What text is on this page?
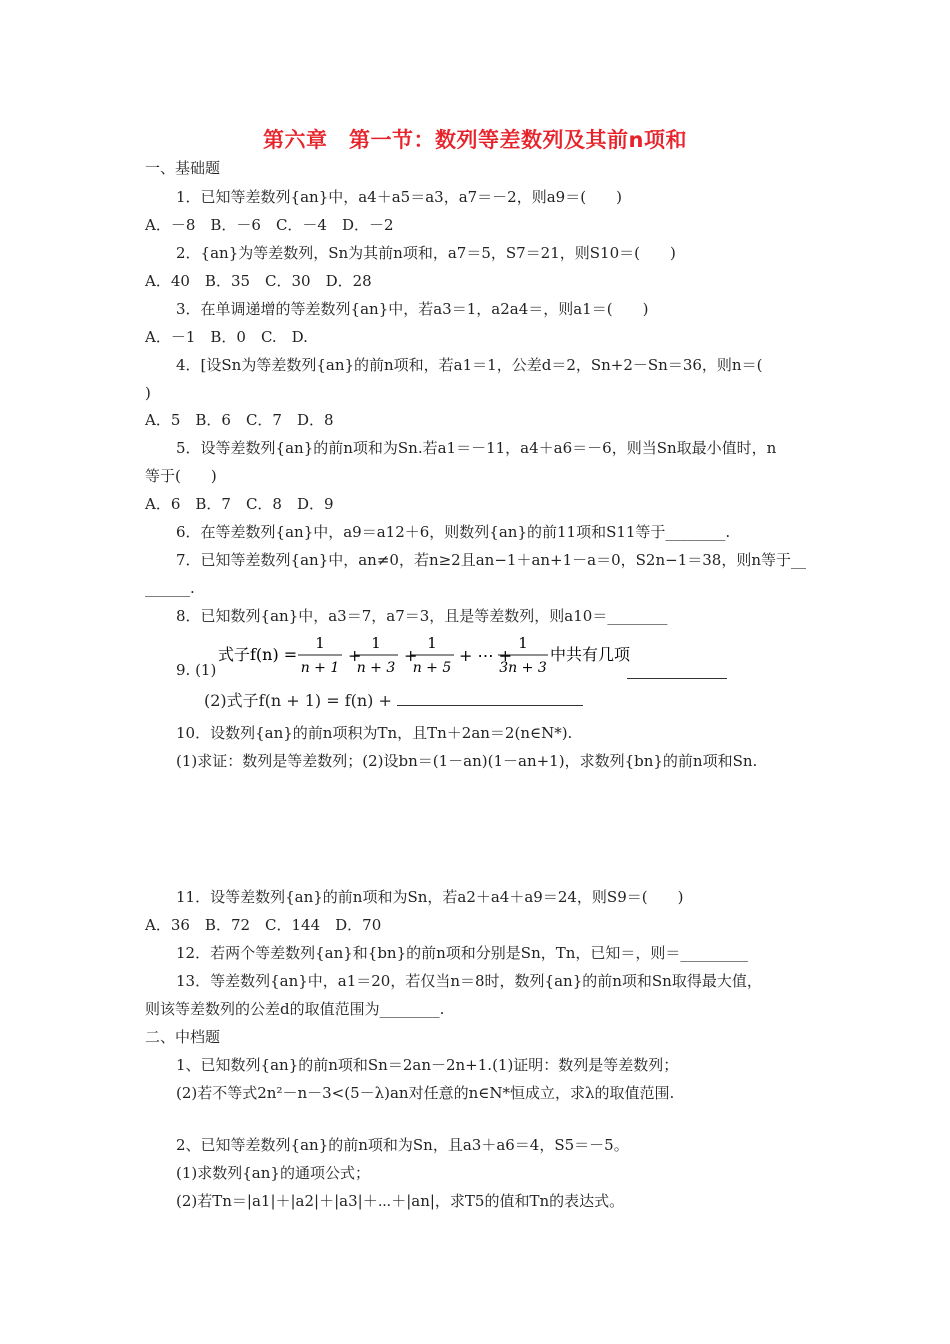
第六章　第一节：数列等差数列及其前n项和
一、基础题
1．已知等差数列{an}中，a4＋a5＝a3，a7＝－2，则a9＝(　　)
A．－8　B．－6　C．－4　D．－2
2．{an}为等差数列，Sn为其前n项和，a7＝5，S7＝21，则S10＝(　　)
A．40　B．35　C．30　D．28
3．在单调递增的等差数列{an}中，若a3＝1，a2a4＝，则a1＝(　　)
A．－1　B．0　C.　D.
4．[设Sn为等差数列{an}的前n项和，若a1＝1，公差d＝2，Sn+2－Sn＝36，则n＝(
)
A．5　B．6　C．7　D．8
5．设等差数列{an}的前n项和为Sn.若a1＝－11，a4＋a6＝－6，则当Sn取最小值时，n
等于(　　)
A．6　B．7　C．8　D．9
6．在等差数列{an}中，a9＝a12＋6，则数列{an}的前11项和S11等于________.
7．已知等差数列{an}中，an≠0，若n≥2且an−1＋an+1－a＝0，S2n−1＝38，则n等于__
______.
8．已知数列{an}中，a3＝7，a7＝3，且是等差数列，则a10＝________
9. (1)
式子f(n) =
1
n + 1
+
1
n + 3
+
1
n + 5
+ ⋯ +
1
3n + 3
中共有几项
(2)式子f(n + 1) = f(n) +
10．设数列{an}的前n项积为Tn，且Tn＋2an＝2(n∈N*).
(1)求证：数列是等差数列；(2)设bn＝(1－an)(1－an+1)，求数列{bn}的前n项和Sn.
11．设等差数列{an}的前n项和为Sn，若a2＋a4＋a9＝24，则S9＝(　　)
A．36　B．72　C．144　D．70
12．若两个等差数列{an}和{bn}的前n项和分别是Sn，Tn，已知＝，则＝_________
13．等差数列{an}中，a1＝20，若仅当n＝8时，数列{an}的前n项和Sn取得最大值，
则该等差数列的公差d的取值范围为________.
二、中档题
1、已知数列{an}的前n项和Sn＝2an－2n+1.(1)证明：数列是等差数列；
(2)若不等式2n²－n－3<(5－λ)an对任意的n∈N*恒成立，求λ的取值范围.
2、已知等差数列{an}的前n项和为Sn，且a3＋a6＝4，S5＝－5。
(1)求数列{an}的通项公式；
(2)若Tn＝|a1|＋|a2|＋|a3|＋⋯＋|an|，求T5的值和Tn的表达式。
